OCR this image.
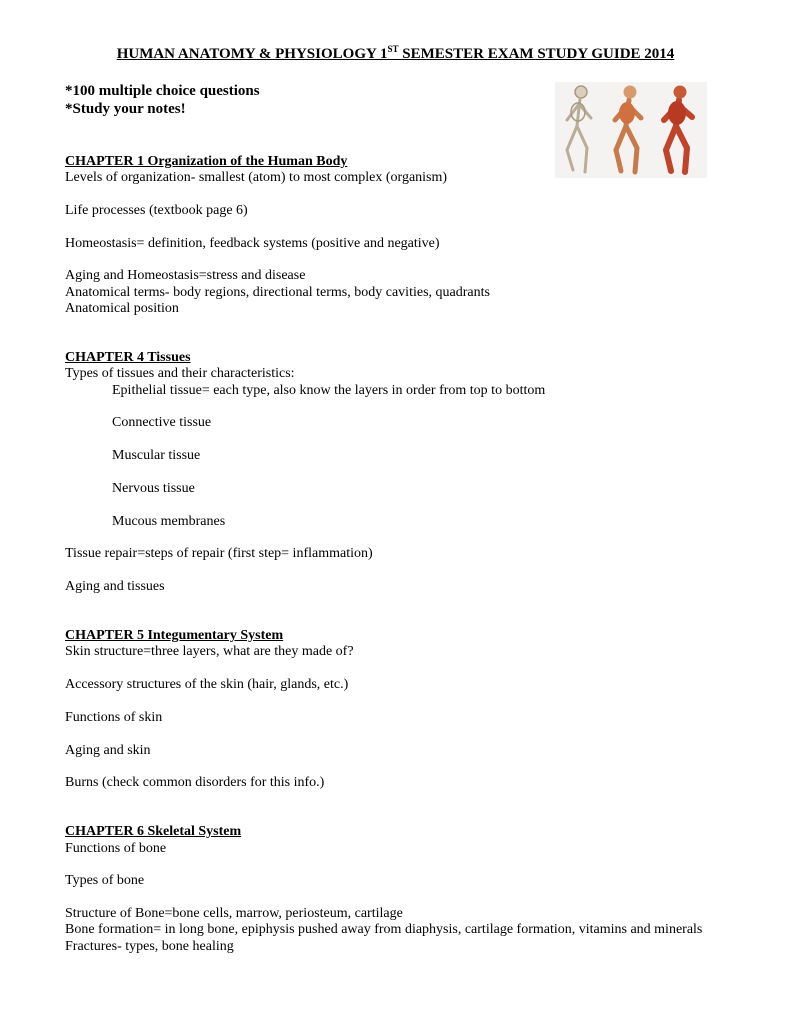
HUMAN ANATOMY & PHYSIOLOGY 1ST SEMESTER EXAM STUDY GUIDE 2014
*100 multiple choice questions
*Study your notes!
CHAPTER 1 Organization of the Human Body
Levels of organization- smallest (atom) to most complex (organism)
Life processes (textbook page 6)
Homeostasis= definition, feedback systems (positive and negative)
Aging and Homeostasis=stress and disease
Anatomical terms- body regions, directional terms, body cavities, quadrants
Anatomical position
CHAPTER 4 Tissues
Types of tissues and their characteristics:
Epithelial tissue= each type, also know the layers in order from top to bottom
Connective tissue
Muscular tissue
Nervous tissue
Mucous membranes
Tissue repair=steps of repair (first step= inflammation)
Aging and tissues
CHAPTER 5 Integumentary System
Skin structure=three layers, what are they made of?
Accessory structures of the skin (hair, glands, etc.)
Functions of skin
Aging and skin
Burns (check common disorders for this info.)
CHAPTER 6 Skeletal System
Functions of bone
Types of bone
Structure of Bone=bone cells, marrow, periosteum, cartilage
Bone formation= in long bone, epiphysis pushed away from diaphysis, cartilage formation, vitamins and minerals
Fractures- types, bone healing
